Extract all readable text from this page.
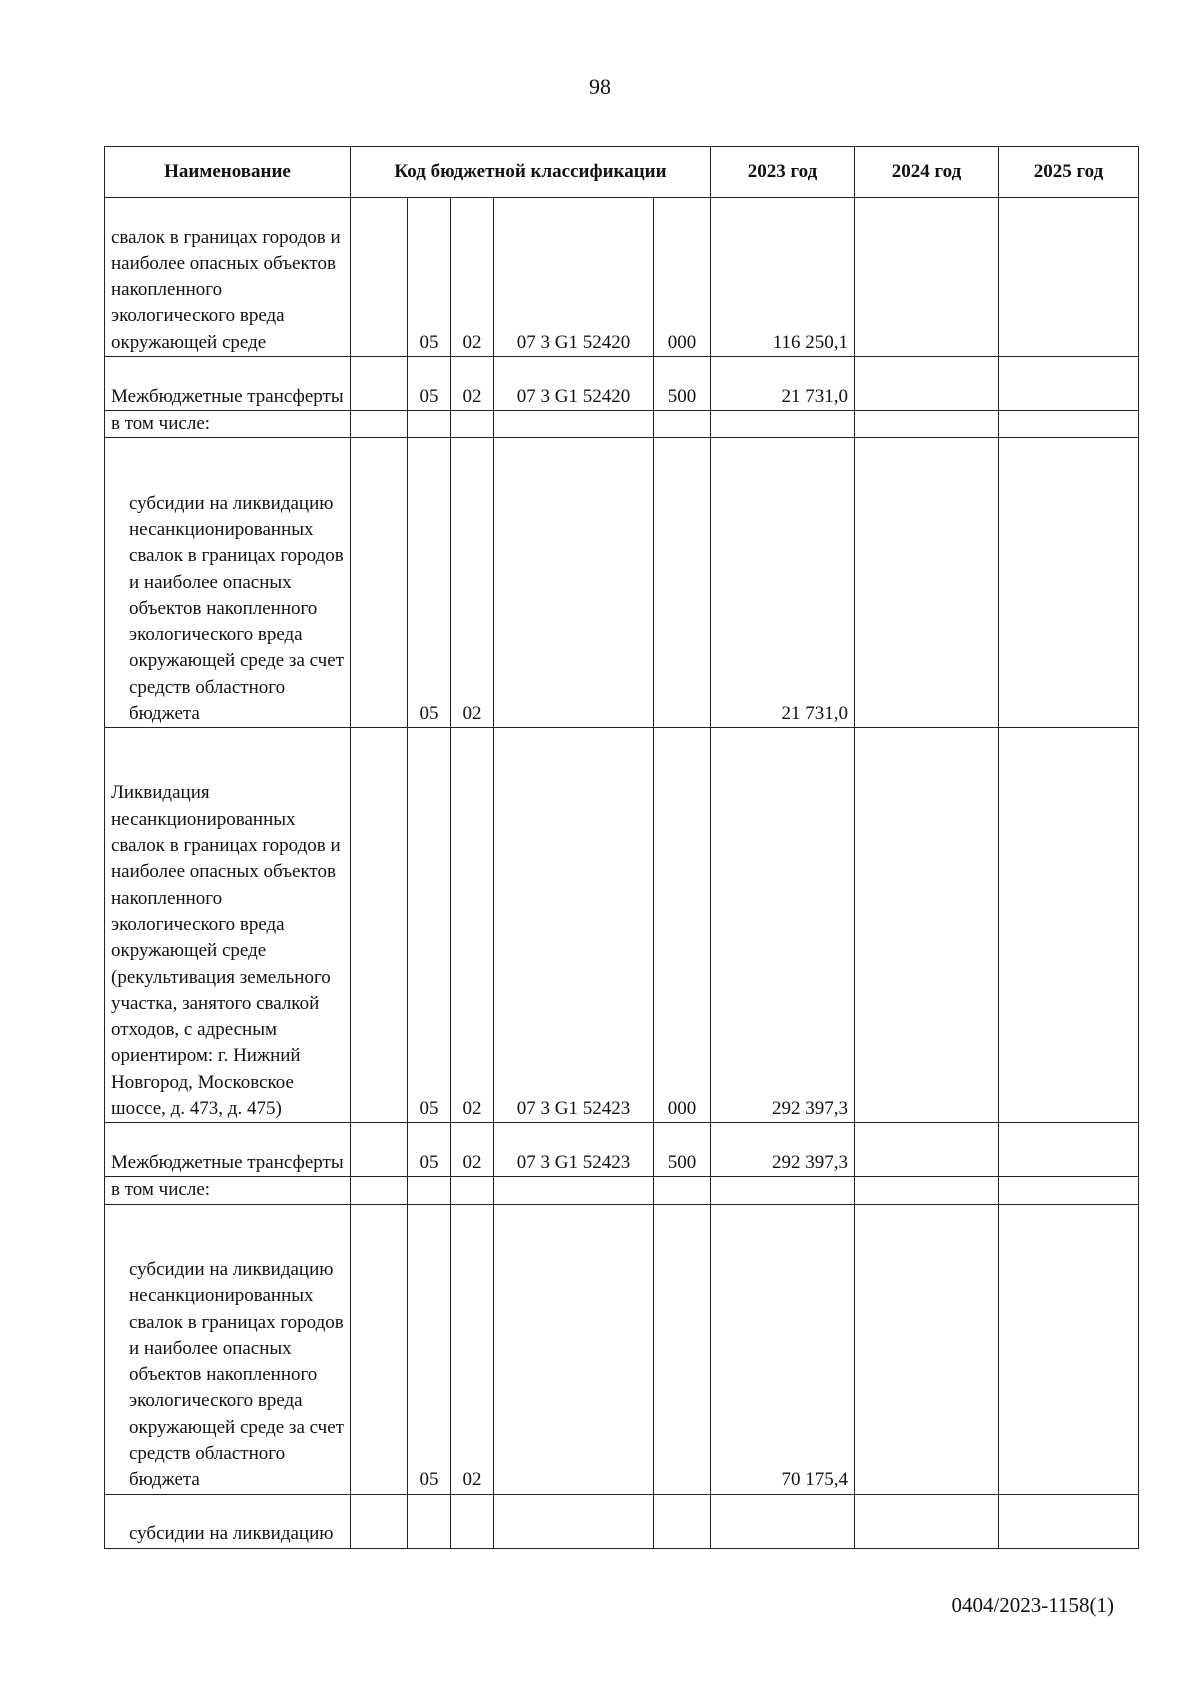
98
Наименование	Код бюджетной классификации					2023 год	2024 год	2025 год
свалок в границах городов и наиболее опасных объектов накопленного экологического вреда окружающей среде		05	02	07 3 G1 52420	000	116 250,1		
Межбюджетные трансферты		05	02	07 3 G1 52420	500	21 731,0		
в том числе:								
субсидии на ликвидацию несанкционированных свалок в границах городов и наиболее опасных объектов накопленного экологического вреда окружающей среде за счет средств областного бюджета		05	02			21 731,0		
Ликвидация несанкционированных свалок в границах городов и наиболее опасных объектов накопленного экологического вреда окружающей среде (рекультивация земельного участка, занятого свалкой отходов, с адресным ориентиром: г. Нижний Новгород, Московское шоссе, д. 473, д. 475)		05	02	07 3 G1 52423	000	292 397,3		
Межбюджетные трансферты		05	02	07 3 G1 52423	500	292 397,3		
в том числе:								
субсидии на ликвидацию несанкционированных свалок в границах городов и наиболее опасных объектов накопленного экологического вреда окружающей среде за счет средств областного бюджета		05	02			70 175,4		
субсидии на ликвидацию								
0404/2023-1158(1)
